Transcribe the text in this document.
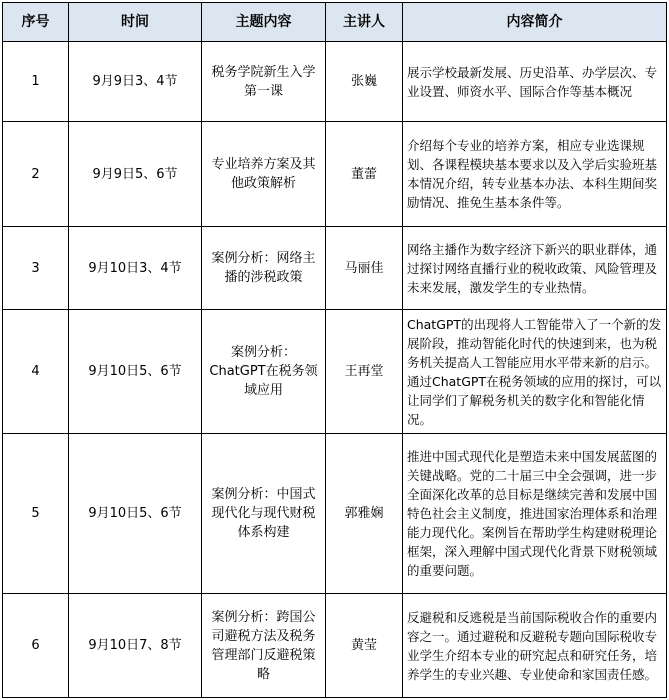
序号	时间	主题内容	主讲人	内容简介
1	9月9日3、4节	税务学院新生入学第一课	张巍	展示学校最新发展、历史沿革、办学层次、专业设置、师资水平、国际合作等基本概况
2	9月9日5、6节	专业培养方案及其他政策解析	董蕾	介绍每个专业的培养方案，相应专业选课规划、各课程模块基本要求以及入学后实验班基本情况介绍，转专业基本办法、本科生期间奖励情况、推免生基本条件等。
3	9月10日3、4节	案例分析：网络主播的涉税政策	马丽佳	网络主播作为数字经济下新兴的职业群体，通过探讨网络直播行业的税收政策、风险管理及未来发展，激发学生的专业热情。
4	9月10日5、6节	案例分析：ChatGPT在税务领域应用	王再堂	ChatGPT的出现将人工智能带入了一个新的发展阶段，推动智能化时代的快速到来，也为税务机关提高人工智能应用水平带来新的启示。通过ChatGPT在税务领域的应用的探讨，可以让同学们了解税务机关的数字化和智能化情况。
5	9月10日5、6节	案例分析：中国式现代化与现代财税体系构建	郭雅娴	推进中国式现代化是塑造未来中国发展蓝图的关键战略。党的二十届三中全会强调，进一步全面深化改革的总目标是继续完善和发展中国特色社会主义制度，推进国家治理体系和治理能力现代化。案例旨在帮助学生构建财税理论框架，深入理解中国式现代化背景下财税领域的重要问题。
6	9月10日7、8节	案例分析：跨国公司避税方法及税务管理部门反避税策略	黄莹	反避税和反逃税是当前国际税收合作的重要内容之一。通过避税和反避税专题向国际税收专业学生介绍本专业的研究起点和研究任务，培养学生的专业兴趣、专业使命和家国责任感。
